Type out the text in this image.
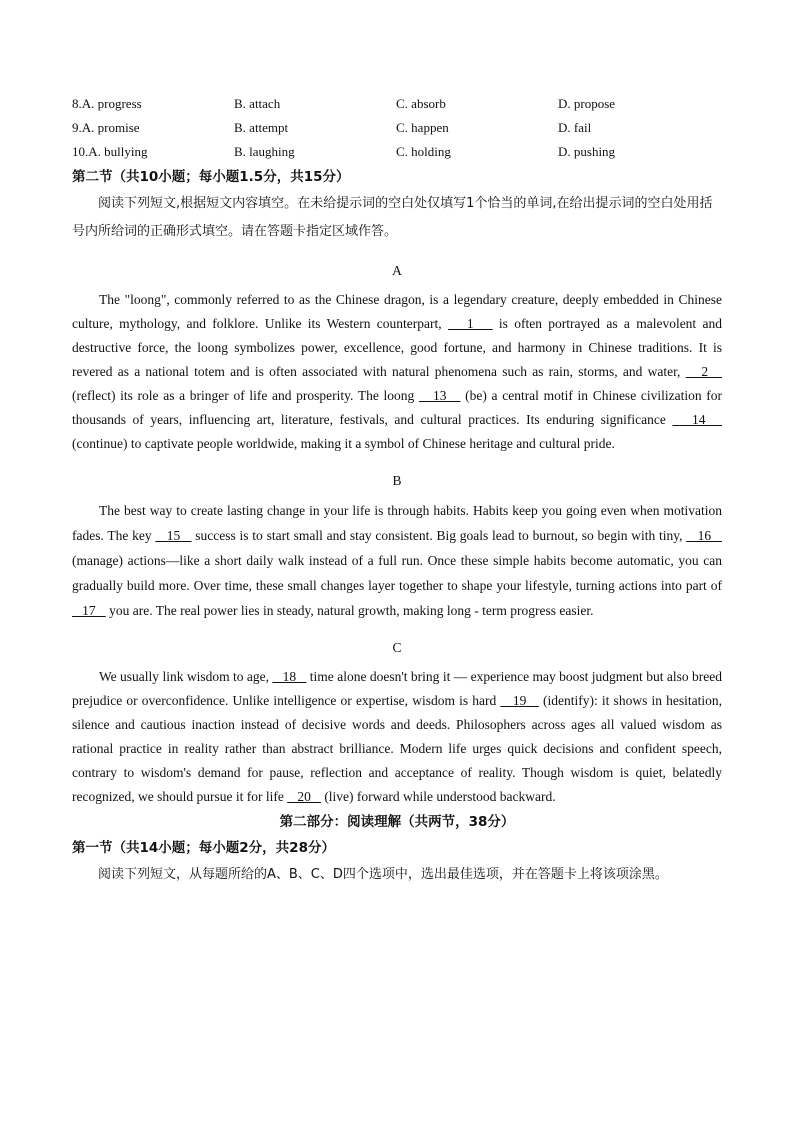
8.A. progress	B. attach	C. absorb	D. propose
9.A. promise	B. attempt	C. happen	D. fail
10.A. bullying	B. laughing	C. holding	D. pushing
第二节（共10小题；每小题1.5分，共15分）

阅读下列短文,根据短文内容填空。在未给提示词的空白处仅填写1个恰当的单词,在给出提示词的空白处用括号内所给词的正确形式填空。请在答题卡指定区域作答。

A

The "loong", commonly referred to as the Chinese dragon, is a legendary creature, deeply embedded in Chinese culture, mythology, and folklore. Unlike its Western counterpart,    1    is often portrayed as a malevolent and destructive force, the loong symbolizes power, excellence, good fortune, and harmony in Chinese traditions. It is revered as a national totem and is often associated with natural phenomena such as rain, storms, and water,    2    (reflect) its role as a bringer of life and prosperity. The loong    13    (be) a central motif in Chinese civilization for thousands of years, influencing art, literature, festivals, and cultural practices. Its enduring significance    14    (continue) to captivate people worldwide, making it a symbol of Chinese heritage and cultural pride.

B

The best way to create lasting change in your life is through habits. Habits keep you going even when motivation fades. The key    15    success is to start small and stay consistent. Big goals lead to burnout, so begin with tiny,    16    (manage) actions—like a short daily walk instead of a full run. Once these simple habits become automatic, you can gradually build more. Over time, these small changes layer together to shape your lifestyle, turning actions into part of    17    you are. The real power lies in steady, natural growth, making long - term progress easier.

C

We usually link wisdom to age,    18    time alone doesn't bring it — experience may boost judgment but also breed prejudice or overconfidence. Unlike intelligence or expertise, wisdom is hard    19    (identify): it shows in hesitation, silence and cautious inaction instead of decisive words and deeds. Philosophers across ages all valued wisdom as rational practice in reality rather than abstract brilliance. Modern life urges quick decisions and confident speech, contrary to wisdom's demand for pause, reflection and acceptance of reality. Though wisdom is quiet, belatedly recognized, we should pursue it for life    20    (live) forward while understood backward.

第二部分：阅读理解（共两节，38分）
第一节（共14小题；每小题2分，共28分）

阅读下列短文，从每题所给的A、B、C、D四个选项中，选出最佳选项，并在答题卡上将该项涂黑。
